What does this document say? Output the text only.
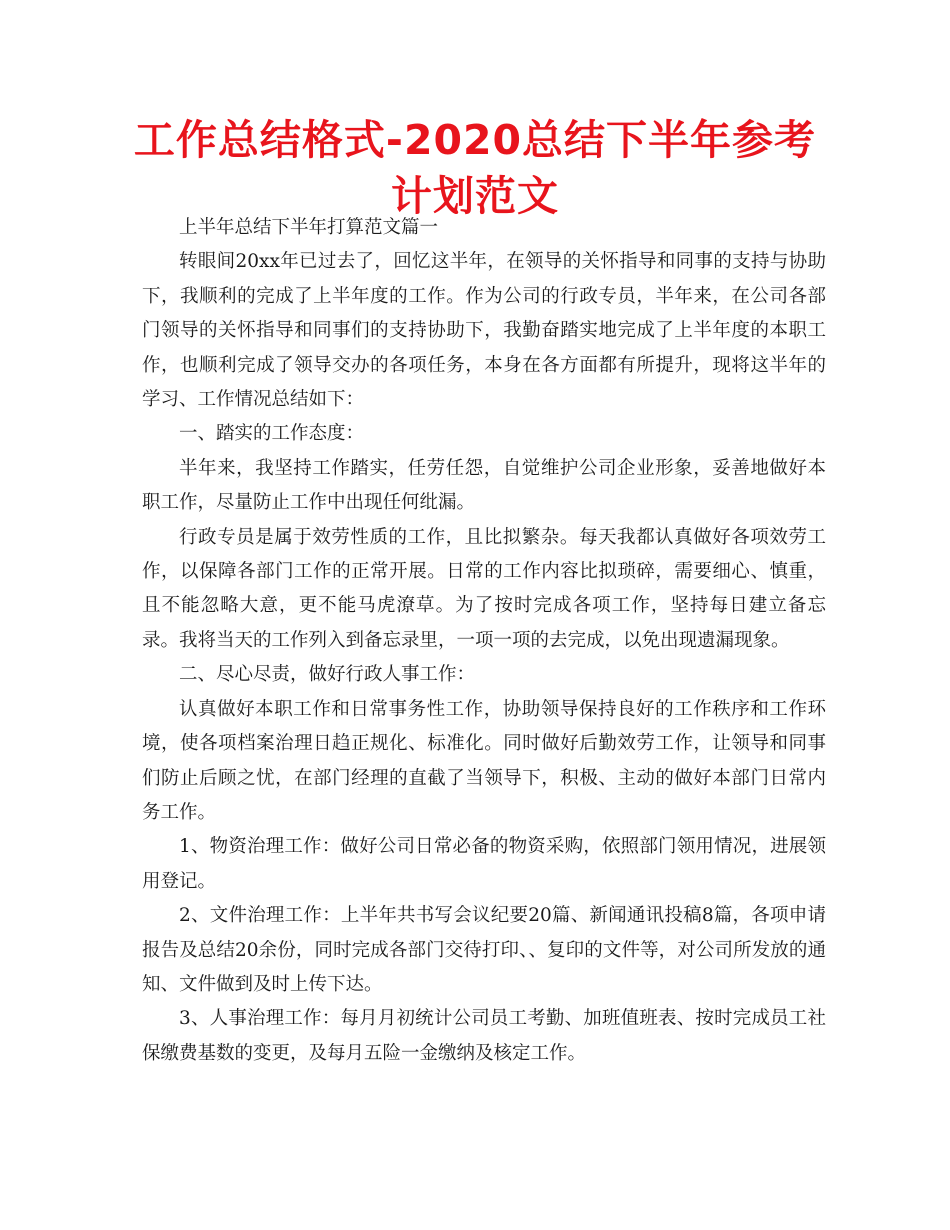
工作总结格式-2020总结下半年参考计划范文

上半年总结下半年打算范文篇一

转眼间20xx年已过去了，回忆这半年，在领导的关怀指导和同事的支持与协助下，我顺利的完成了上半年度的工作。作为公司的行政专员，半年来，在公司各部门领导的关怀指导和同事们的支持协助下，我勤奋踏实地完成了上半年度的本职工作，也顺利完成了领导交办的各项任务，本身在各方面都有所提升，现将这半年的学习、工作情况总结如下：

一、踏实的工作态度：

半年来，我坚持工作踏实，任劳任怨，自觉维护公司企业形象，妥善地做好本职工作，尽量防止工作中出现任何纰漏。

行政专员是属于效劳性质的工作，且比拟繁杂。每天我都认真做好各项效劳工作，以保障各部门工作的正常开展。日常的工作内容比拟琐碎，需要细心、慎重，且不能忽略大意，更不能马虎潦草。为了按时完成各项工作，坚持每日建立备忘录。我将当天的工作列入到备忘录里，一项一项的去完成，以免出现遗漏现象。

二、尽心尽责，做好行政人事工作：

认真做好本职工作和日常事务性工作，协助领导保持良好的工作秩序和工作环境，使各项档案治理日趋正规化、标准化。同时做好后勤效劳工作，让领导和同事们防止后顾之忧，在部门经理的直截了当领导下，积极、主动的做好本部门日常内务工作。

1、物资治理工作：做好公司日常必备的物资采购，依照部门领用情况，进展领用登记。

2、文件治理工作：上半年共书写会议纪要20篇、新闻通讯投稿8篇，各项申请报告及总结20余份，同时完成各部门交待打印、、复印的文件等，对公司所发放的通知、文件做到及时上传下达。

3、人事治理工作：每月月初统计公司员工考勤、加班值班表、按时完成员工社保缴费基数的变更，及每月五险一金缴纳及核定工作。
